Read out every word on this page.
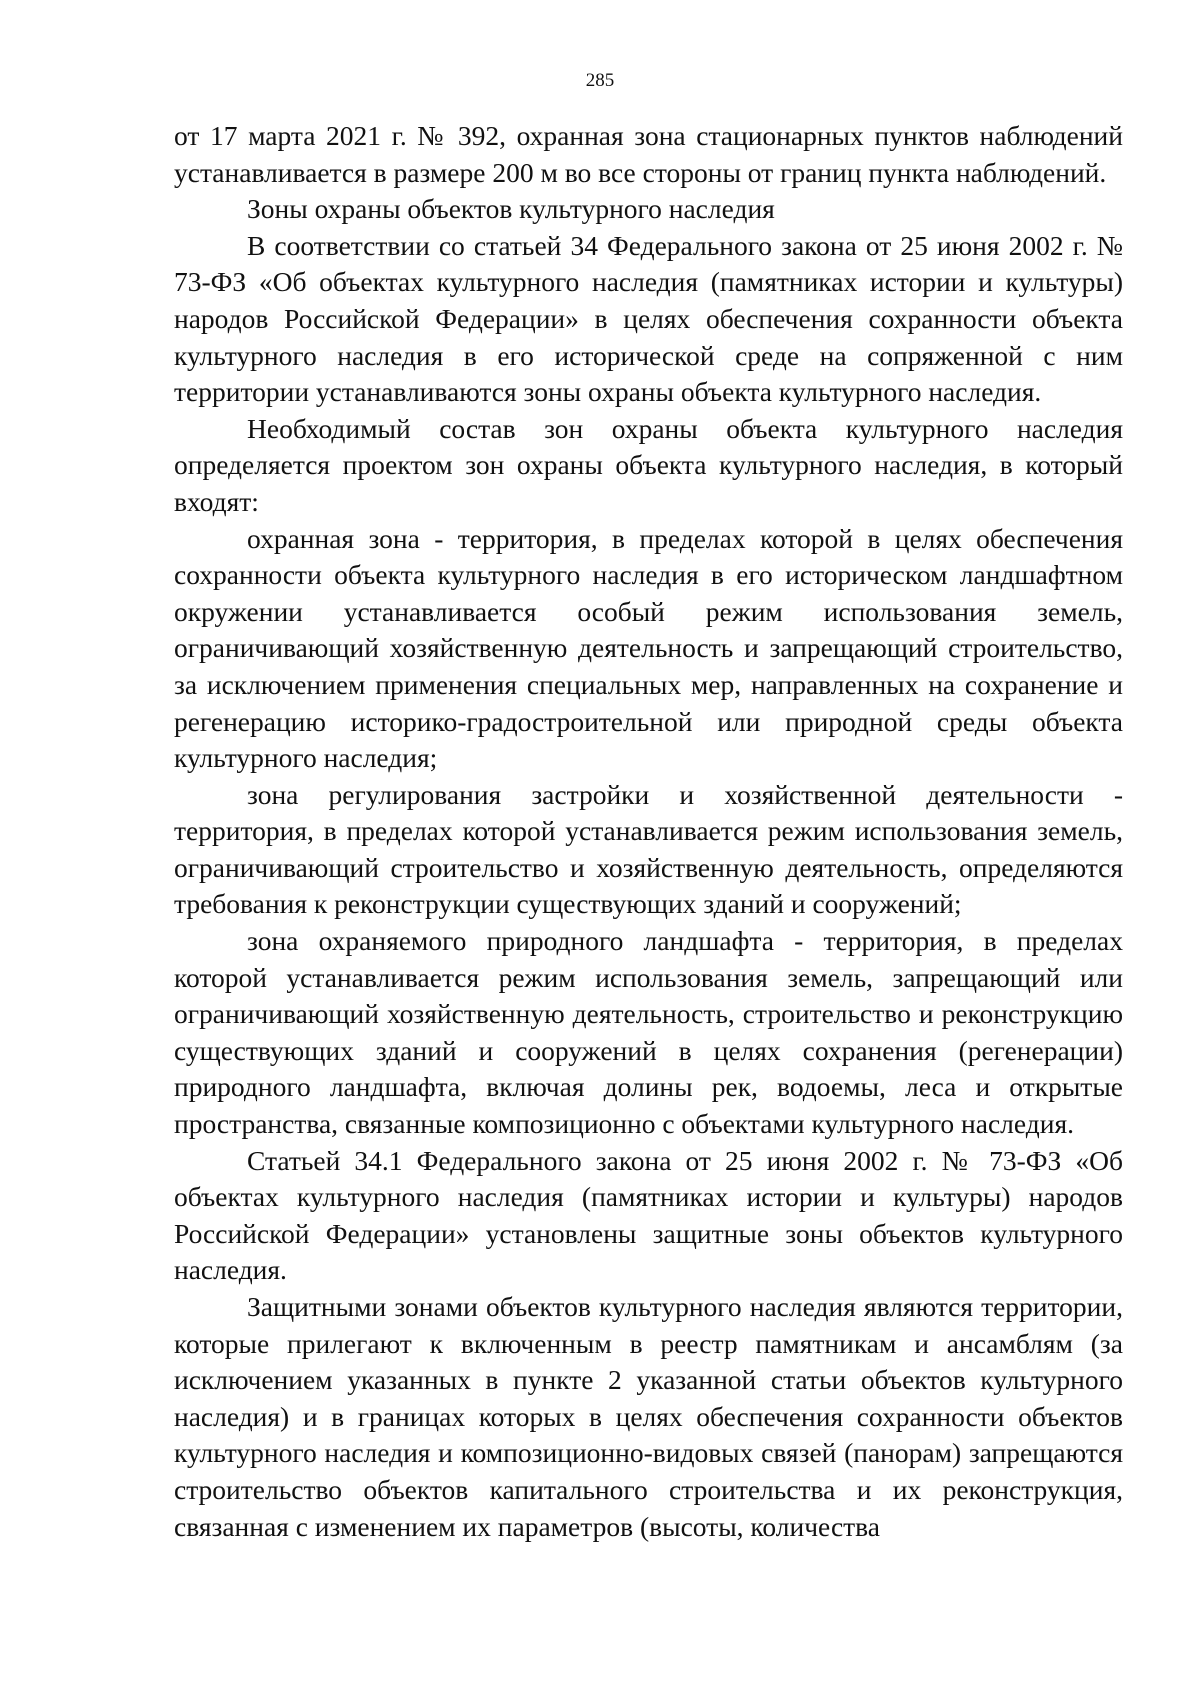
285

от 17 марта 2021 г. № 392, охранная зона стационарных пунктов наблюдений устанавливается в размере 200 м во все стороны от границ пункта наблюдений.

Зоны охраны объектов культурного наследия

В соответствии со статьей 34 Федерального закона от 25 июня 2002 г. № 73-ФЗ «Об объектах культурного наследия (памятниках истории и культуры) народов Российской Федерации» в целях обеспечения сохранности объекта культурного наследия в его исторической среде на сопряженной с ним территории устанавливаются зоны охраны объекта культурного наследия.

Необходимый состав зон охраны объекта культурного наследия определяется проектом зон охраны объекта культурного наследия, в который входят:

охранная зона - территория, в пределах которой в целях обеспечения сохранности объекта культурного наследия в его историческом ландшафтном окружении устанавливается особый режим использования земель, ограничивающий хозяйственную деятельность и запрещающий строительство, за исключением применения специальных мер, направленных на сохранение и регенерацию историко-градостроительной или природной среды объекта культурного наследия;

зона регулирования застройки и хозяйственной деятельности - территория, в пределах которой устанавливается режим использования земель, ограничивающий строительство и хозяйственную деятельность, определяются требования к реконструкции существующих зданий и сооружений;

зона охраняемого природного ландшафта - территория, в пределах которой устанавливается режим использования земель, запрещающий или ограничивающий хозяйственную деятельность, строительство и реконструкцию существующих зданий и сооружений в целях сохранения (регенерации) природного ландшафта, включая долины рек, водоемы, леса и открытые пространства, связанные композиционно с объектами культурного наследия.

Статьей 34.1 Федерального закона от 25 июня 2002 г. № 73-ФЗ «Об объектах культурного наследия (памятниках истории и культуры) народов Российской Федерации» установлены защитные зоны объектов культурного наследия.

Защитными зонами объектов культурного наследия являются территории, которые прилегают к включенным в реестр памятникам и ансамблям (за исключением указанных в пункте 2 указанной статьи объектов культурного наследия) и в границах которых в целях обеспечения сохранности объектов культурного наследия и композиционно-видовых связей (панорам) запрещаются строительство объектов капитального строительства и их реконструкция, связанная с изменением их параметров (высоты, количества
